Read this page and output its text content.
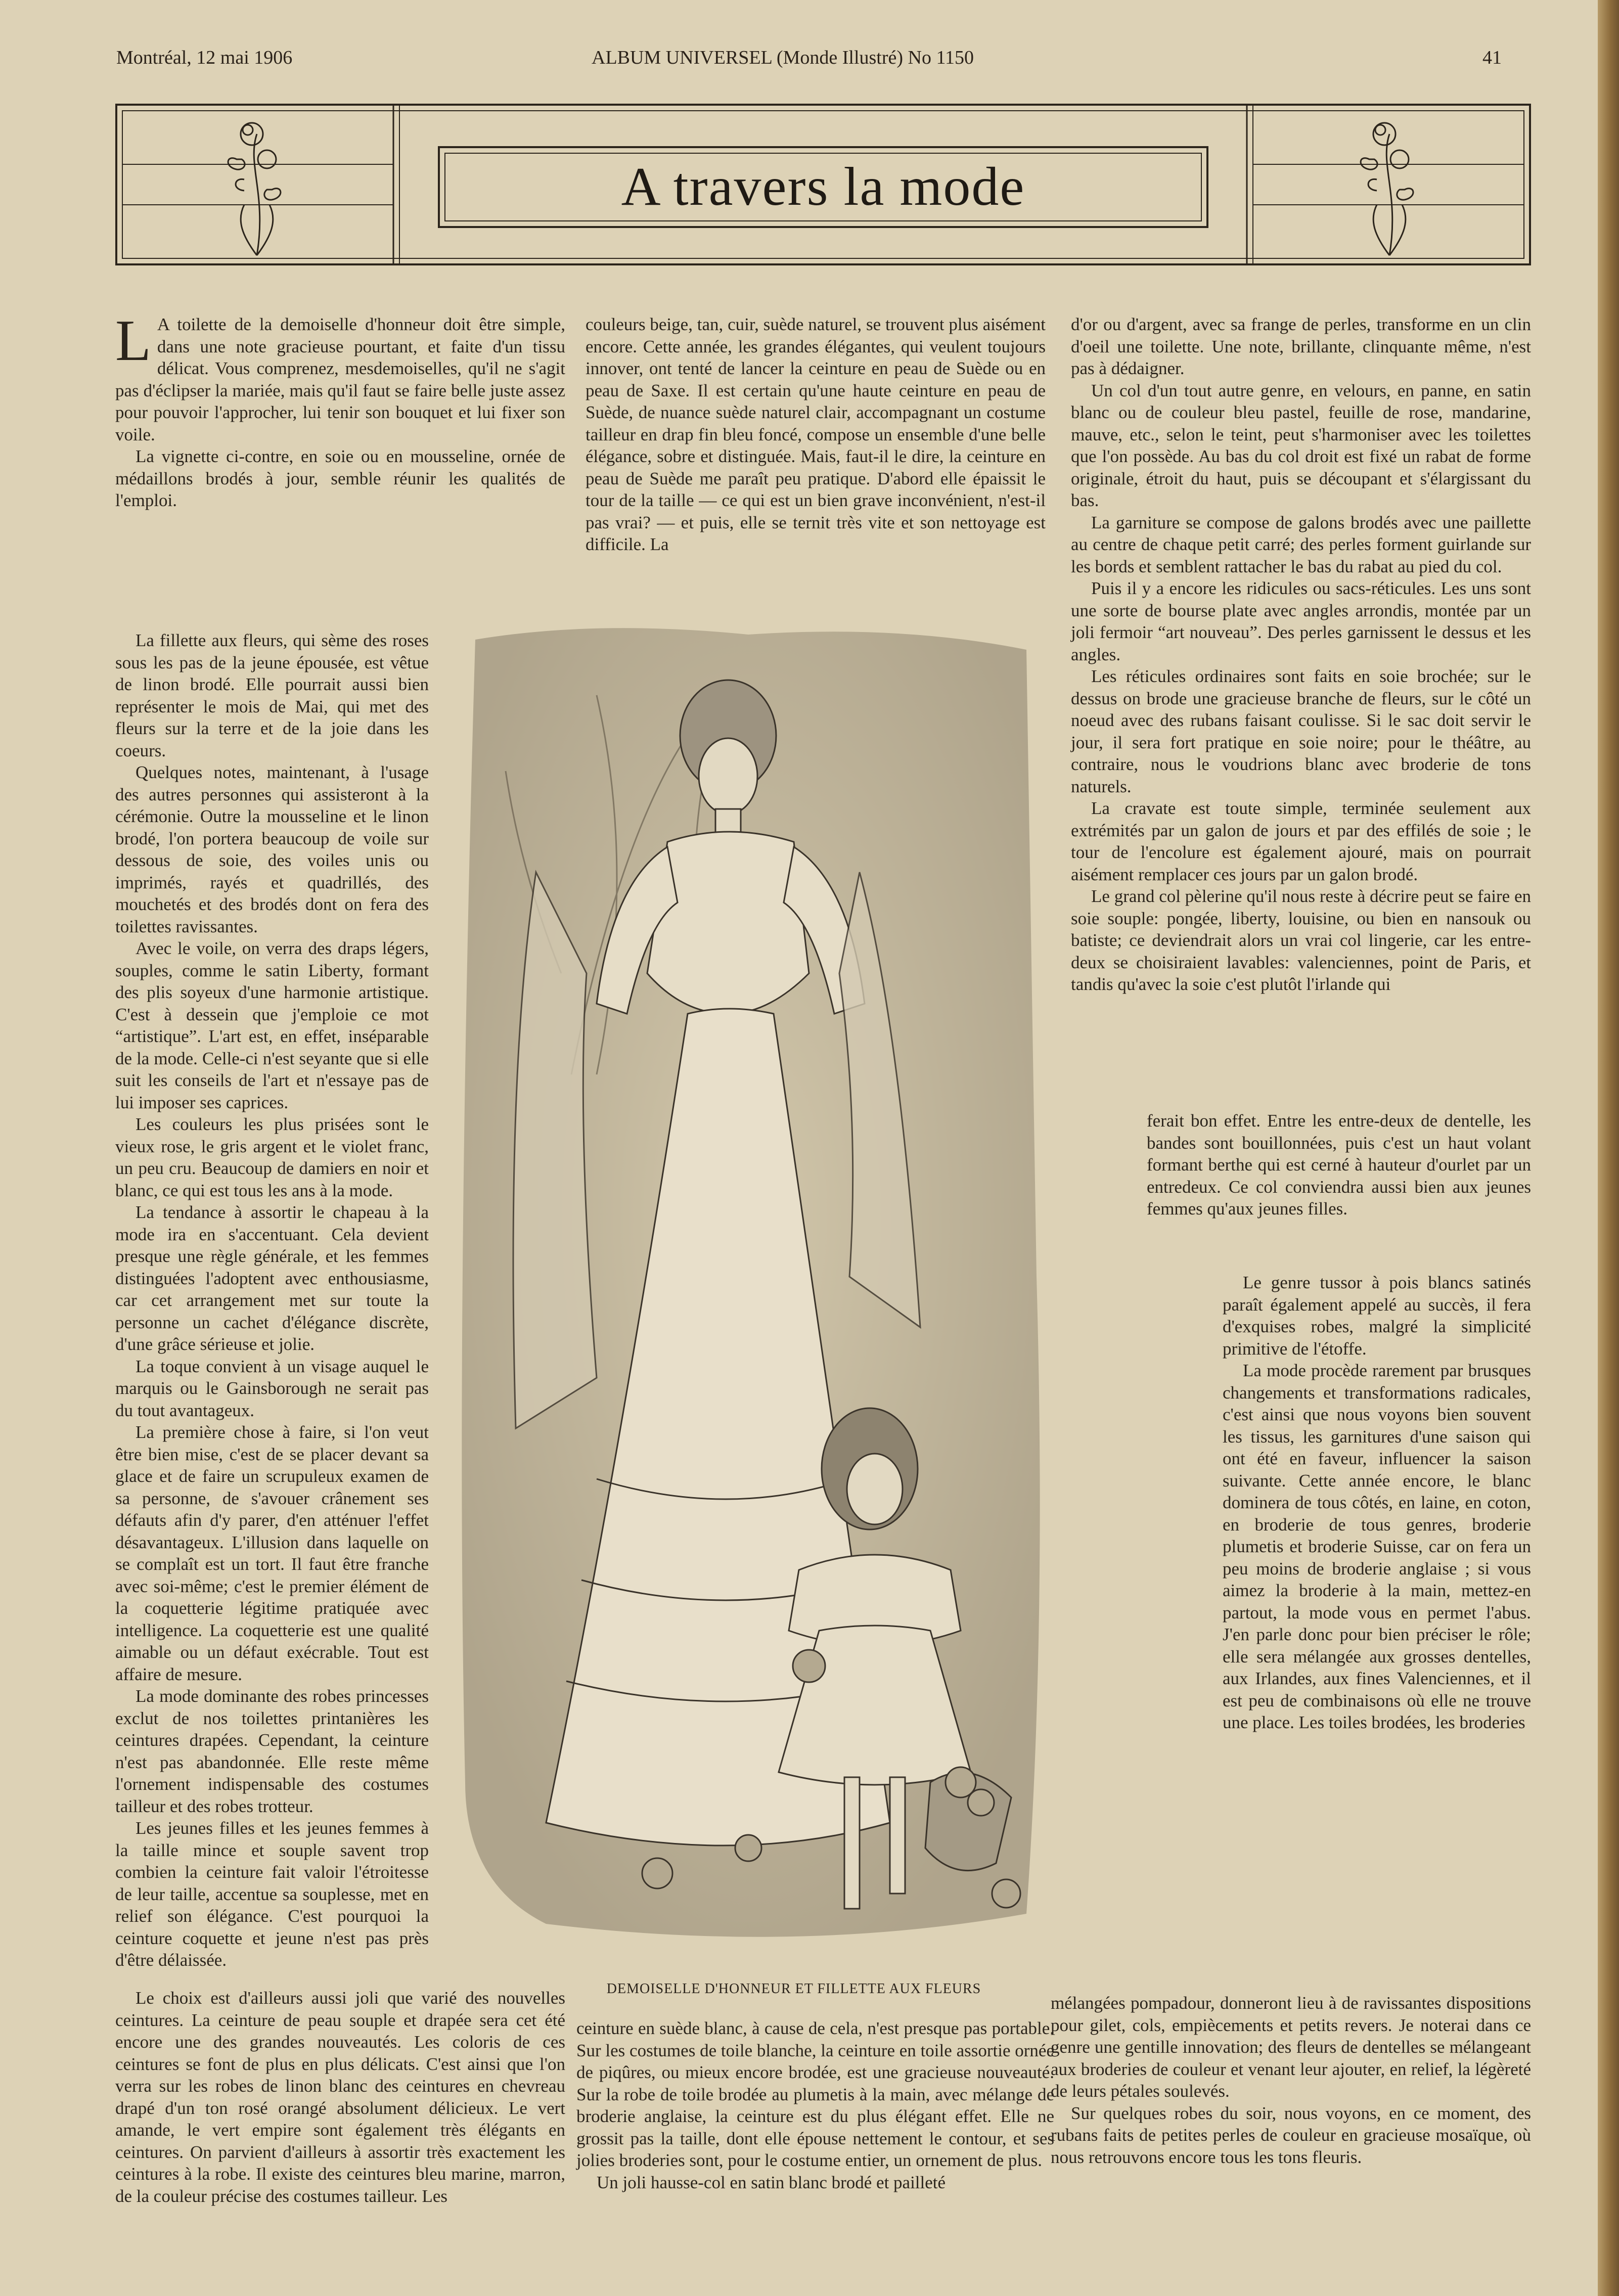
Montréal, 12 mai 1906	ALBUM UNIVERSEL (Monde Illustré) No 1150	41
A travers la mode

L A toilette de la demoiselle d'honneur doit être simple, dans une note gracieuse pourtant, et faite d'un tissu délicat. Vous comprenez, mesdemoiselles, qu'il ne s'agit pas d'éclipser la mariée, mais qu'il faut se faire belle juste assez pour pouvoir l'approcher, lui tenir son bouquet et lui fixer son voile.

La vignette ci-contre, en soie ou en mousseline, ornée de médaillons brodés à jour, semble réunir les qualités de l'emploi.

La fillette aux fleurs, qui sème des roses sous les pas de la jeune épousée, est vêtue de linon brodé. Elle pourrait aussi bien représenter le mois de Mai, qui met des fleurs sur la terre et de la joie dans les coeurs.

Quelques notes, maintenant, à l'usage des autres personnes qui assisteront à la cérémonie. Outre la mousseline et le linon brodé, l'on portera beaucoup de voile sur dessous de soie, des voiles unis ou imprimés, rayés et quadrillés, des mouchetés et des brodés dont on fera des toilettes ravissantes.

Avec le voile, on verra des draps légers, souples, comme le satin Liberty, formant des plis soyeux d'une harmonie artistique. C'est à dessein que j'emploie ce mot “artistique”. L'art est, en effet, inséparable de la mode. Celle-ci n'est seyante que si elle suit les conseils de l'art et n'essaye pas de lui imposer ses caprices.

Les couleurs les plus prisées sont le vieux rose, le gris argent et le violet franc, un peu cru. Beaucoup de damiers en noir et blanc, ce qui est tous les ans à la mode.

La tendance à assortir le chapeau à la mode ira en s'accentuant. Cela devient presque une règle générale, et les femmes distinguées l'adoptent avec enthousiasme, car cet arrangement met sur toute la personne un cachet d'élégance discrète, d'une grâce sérieuse et jolie.

La toque convient à un visage auquel le marquis ou le Gainsborough ne serait pas du tout avantageux.

La première chose à faire, si l'on veut être bien mise, c'est de se placer devant sa glace et de faire un scrupuleux examen de sa personne, de s'avouer crânement ses défauts afin d'y parer, d'en atténuer l'effet désavantageux. L'illusion dans laquelle on se complaît est un tort. Il faut être franche avec soi-même; c'est le premier élément de la coquetterie légitime pratiquée avec intelligence. La coquetterie est une qualité aimable ou un défaut exécrable. Tout est affaire de mesure.

La mode dominante des robes princesses exclut de nos toilettes printanières les ceintures drapées. Cependant, la ceinture n'est pas abandonnée. Elle reste même l'ornement indispensable des costumes tailleur et des robes trotteur.

Les jeunes filles et les jeunes femmes à la taille mince et souple savent trop combien la ceinture fait valoir l'étroitesse de leur taille, accentue sa souplesse, met en relief son élégance. C'est pourquoi la ceinture coquette et jeune n'est pas près d'être délaissée.

Le choix est d'ailleurs aussi joli que varié des nouvelles ceintures. La ceinture de peau souple et drapée sera cet été encore une des grandes nouveautés. Les coloris de ces ceintures se font de plus en plus délicats. C'est ainsi que l'on verra sur les robes de linon blanc des ceintures en chevreau drapé d'un ton rosé orangé absolument délicieux. Le vert amande, le vert empire sont également très élégants en ceintures. On parvient d'ailleurs à assortir très exactement les ceintures à la robe. Il existe des ceintures bleu marine, marron, de la couleur précise des costumes tailleur. Les

couleurs beige, tan, cuir, suède naturel, se trouvent plus aisément encore. Cette année, les grandes élégantes, qui veulent toujours innover, ont tenté de lancer la ceinture en peau de Suède ou en peau de Saxe. Il est certain qu'une haute ceinture en peau de Suède, de nuance suède naturel clair, accompagnant un costume tailleur en drap fin bleu foncé, compose un ensemble d'une belle élégance, sobre et distinguée. Mais, faut-il le dire, la ceinture en peau de Suède me paraît peu pratique. D'abord elle épaissit le tour de la taille — ce qui est un bien grave inconvénient, n'est-il pas vrai? — et puis, elle se ternit très vite et son nettoyage est difficile. La

DEMOISELLE D'HONNEUR ET FILLETTE AUX FLEURS

ceinture en suède blanc, à cause de cela, n'est presque pas portable. Sur les costumes de toile blanche, la ceinture en toile assortie ornée de piqûres, ou mieux encore brodée, est une gracieuse nouveauté. Sur la robe de toile brodée au plumetis à la main, avec mélange de broderie anglaise, la ceinture est du plus élégant effet. Elle ne grossit pas la taille, dont elle épouse nettement le contour, et ses jolies broderies sont, pour le costume entier, un ornement de plus.

Un joli hausse-col en satin blanc brodé et pailleté

d'or ou d'argent, avec sa frange de perles, transforme en un clin d'oeil une toilette. Une note, brillante, clinquante même, n'est pas à dédaigner.

Un col d'un tout autre genre, en velours, en panne, en satin blanc ou de couleur bleu pastel, feuille de rose, mandarine, mauve, etc., selon le teint, peut s'harmoniser avec les toilettes que l'on possède. Au bas du col droit est fixé un rabat de forme originale, étroit du haut, puis se découpant et s'élargissant du bas.

La garniture se compose de galons brodés avec une paillette au centre de chaque petit carré; des perles forment guirlande sur les bords et semblent rattacher le bas du rabat au pied du col.

Puis il y a encore les ridicules ou sacs-réticules. Les uns sont une sorte de bourse plate avec angles arrondis, montée par un joli fermoir “art nouveau”. Des perles garnissent le dessus et les angles.

Les réticules ordinaires sont faits en soie brochée; sur le dessus on brode une gracieuse branche de fleurs, sur le côté un noeud avec des rubans faisant coulisse. Si le sac doit servir le jour, il sera fort pratique en soie noire; pour le théâtre, au contraire, nous le voudrions blanc avec broderie de tons naturels.

La cravate est toute simple, terminée seulement aux extrémités par un galon de jours et par des effilés de soie ; le tour de l'encolure est également ajouré, mais on pourrait aisément remplacer ces jours par un galon brodé.

Le grand col pèlerine qu'il nous reste à décrire peut se faire en soie souple: pongée, liberty, louisine, ou bien en nansouk ou batiste; ce deviendrait alors un vrai col lingerie, car les entre-deux se choisiraient lavables: valenciennes, point de Paris, et tandis qu'avec la soie c'est plutôt l'irlande qui

ferait bon effet. Entre les entre-deux de dentelle, les bandes sont bouillonnées, puis c'est un haut volant formant berthe qui est cerné à hauteur d'ourlet par un entredeux. Ce col conviendra aussi bien aux jeunes femmes qu'aux jeunes filles.

Le genre tussor à pois blancs satinés paraît également appelé au succès, il fera d'exquises robes, malgré la simplicité primitive de l'étoffe.

La mode procède rarement par brusques changements et transformations radicales, c'est ainsi que nous voyons bien souvent les tissus, les garnitures d'une saison qui ont été en faveur, influencer la saison suivante. Cette année encore, le blanc dominera de tous côtés, en laine, en coton, en broderie de tous genres, broderie plumetis et broderie Suisse, car on fera un peu moins de broderie anglaise ; si vous aimez la broderie à la main, mettez-en partout, la mode vous en permet l'abus. J'en parle donc pour bien préciser le rôle; elle sera mélangée aux grosses dentelles, aux Irlandes, aux fines Valenciennes, et il est peu de combinaisons où elle ne trouve une place. Les toiles brodées, les broderies

mélangées pompadour, donneront lieu à de ravissantes dispositions pour gilet, cols, empiècements et petits revers. Je noterai dans ce genre une gentille innovation; des fleurs de dentelles se mélangeant aux broderies de couleur et venant leur ajouter, en relief, la légèreté de leurs pétales soulevés.

Sur quelques robes du soir, nous voyons, en ce moment, des rubans faits de petites perles de couleur en gracieuse mosaïque, où nous retrouvons encore tous les tons fleuris.
